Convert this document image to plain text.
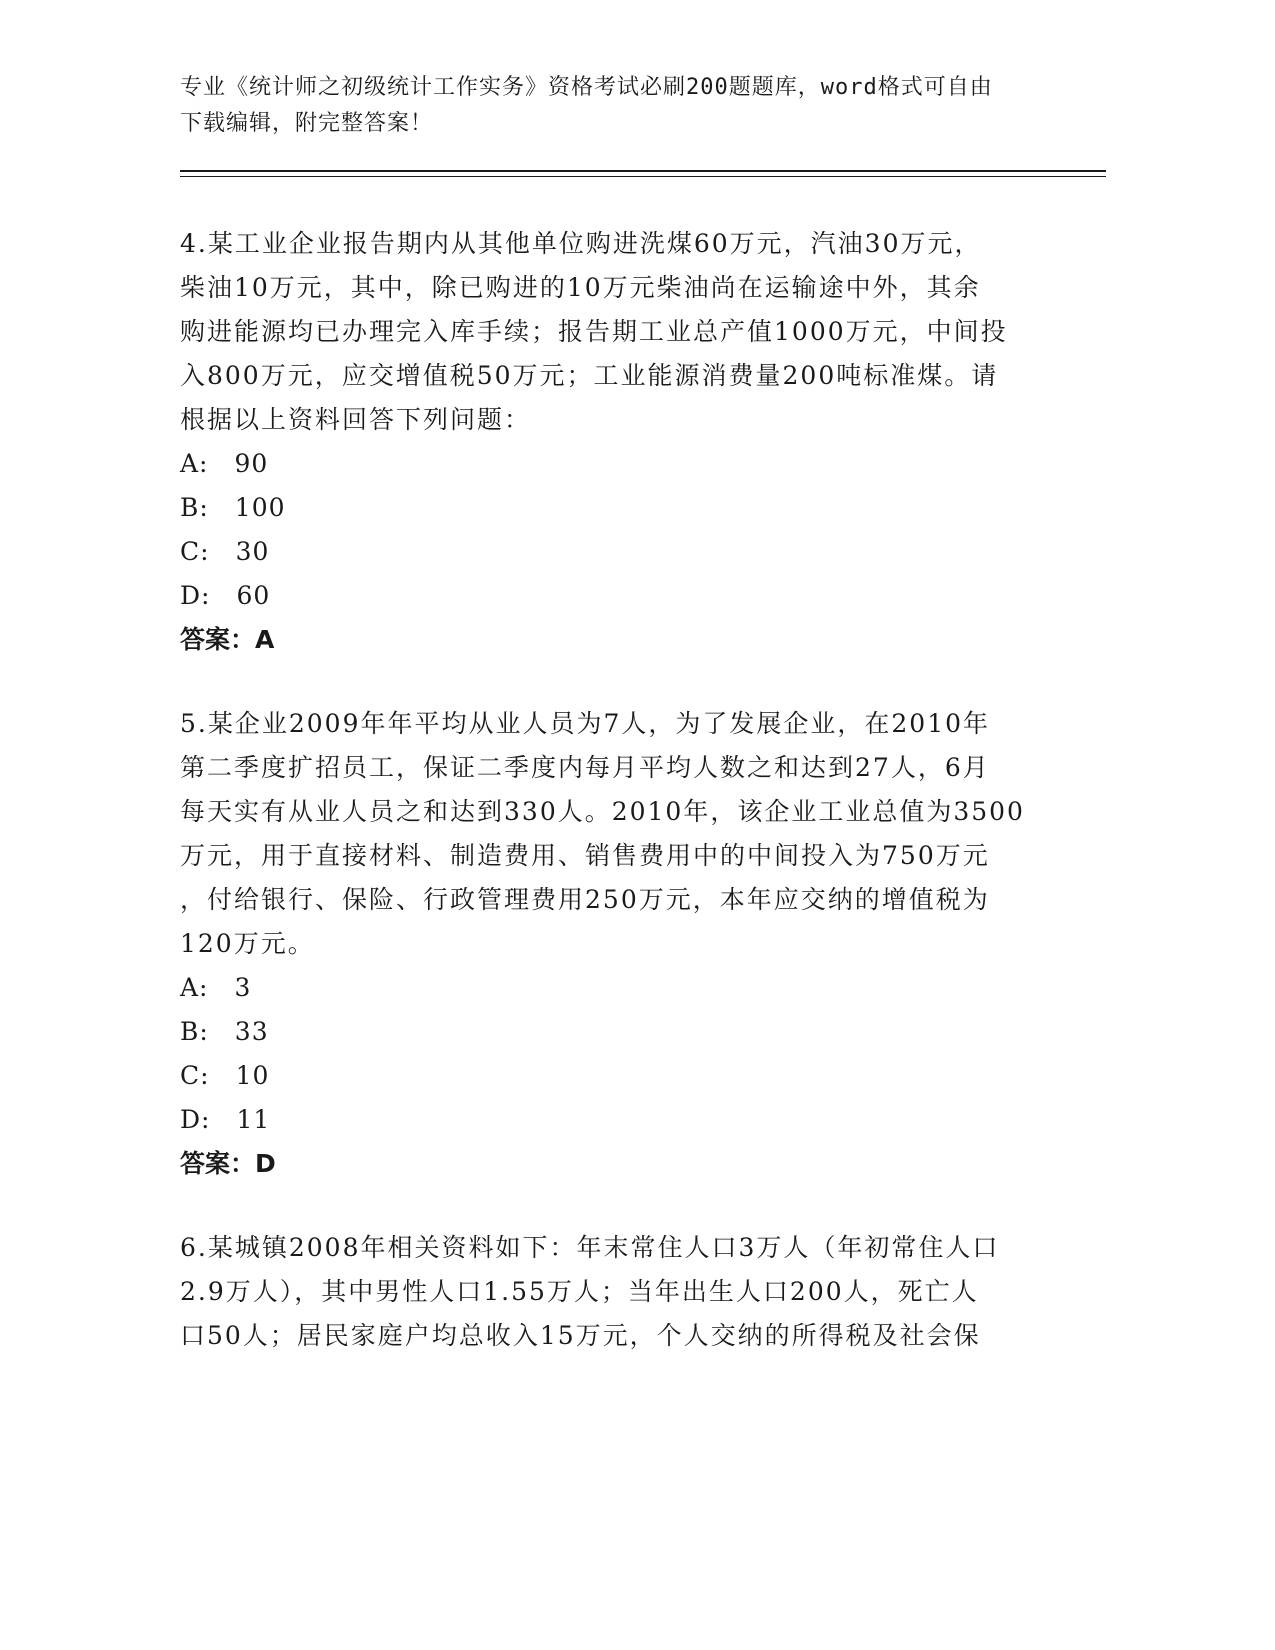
专业《统计师之初级统计工作实务》资格考试必刷200题题库，word格式可自由
下载编辑，附完整答案！

4.某工业企业报告期内从其他单位购进洗煤60万元，汽油30万元，

柴油10万元，其中，除已购进的10万元柴油尚在运输途中外，其余

购进能源均已办理完入库手续；报告期工业总产值1000万元，中间投

入800万元，应交增值税50万元；工业能源消费量200吨标准煤。请

根据以上资料回答下列问题：

A: 90

B: 100

C: 30

D: 60

答案：A

5.某企业2009年年平均从业人员为7人，为了发展企业，在2010年

第二季度扩招员工，保证二季度内每月平均人数之和达到27人，6月

每天实有从业人员之和达到330人。2010年，该企业工业总值为3500

万元，用于直接材料、制造费用、销售费用中的中间投入为750万元

，付给银行、保险、行政管理费用250万元，本年应交纳的增值税为

120万元。

A: 3

B: 33

C: 10

D: 11

答案：D

6.某城镇2008年相关资料如下：年末常住人口3万人（年初常住人口

2.9万人），其中男性人口1.55万人；当年出生人口200人，死亡人

口50人；居民家庭户均总收入15万元，个人交纳的所得税及社会保
